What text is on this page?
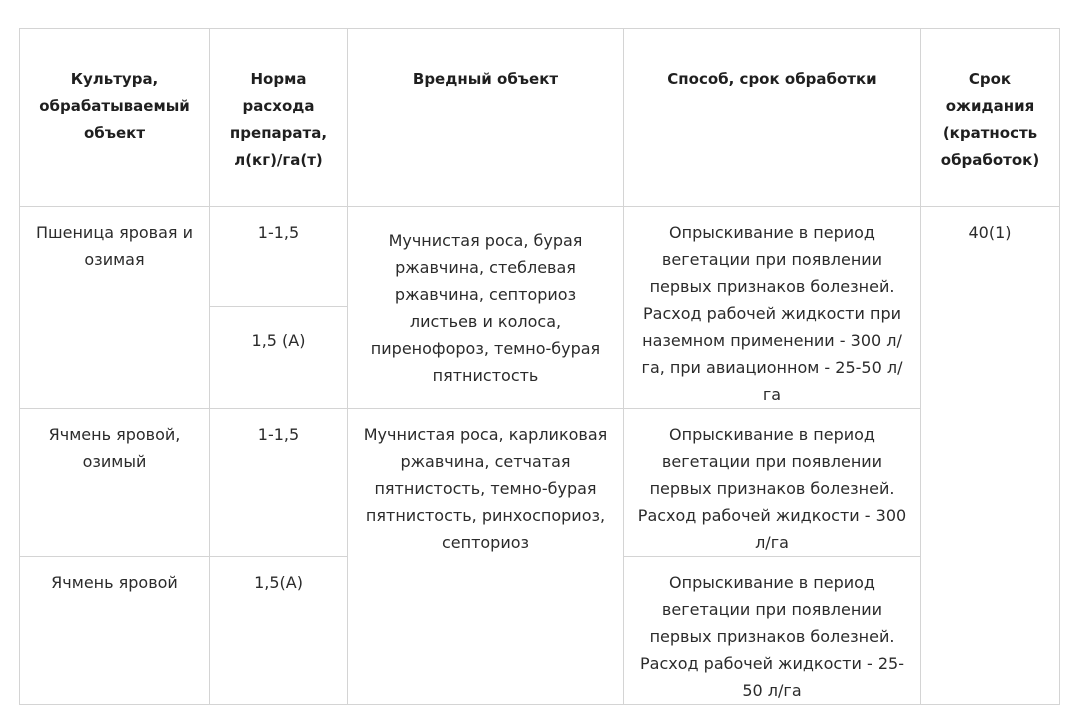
Культура, обрабатываемый объект	Норма расхода препарата, л(кг)/га(т)	Вредный объект	Способ, срок обработки	Срок ожидания (кратность обработок)
Пшеница яровая и озимая	1-1,5	Мучнистая роса, бурая ржавчина, стеблевая ржавчина, септориоз листьев и колоса, пиренофороз, темно-бурая пятнистость	Опрыскивание в период вегетации при появлении первых признаков болезней. Расход рабочей жидкости при наземном применении - 300 л/га, при авиационном - 25-50 л/га	40(1)
	1,5 (А)			
Ячмень яровой, озимый	1-1,5	Мучнистая роса, карликовая ржавчина, сетчатая пятнистость, темно-бурая пятнистость, ринхоспориоз, септориоз	Опрыскивание в период вегетации при появлении первых признаков болезней. Расход рабочей жидкости - 300 л/га	
Ячмень яровой	1,5(А)		Опрыскивание в период вегетации при появлении первых признаков болезней. Расход рабочей жидкости - 25-50 л/га	
